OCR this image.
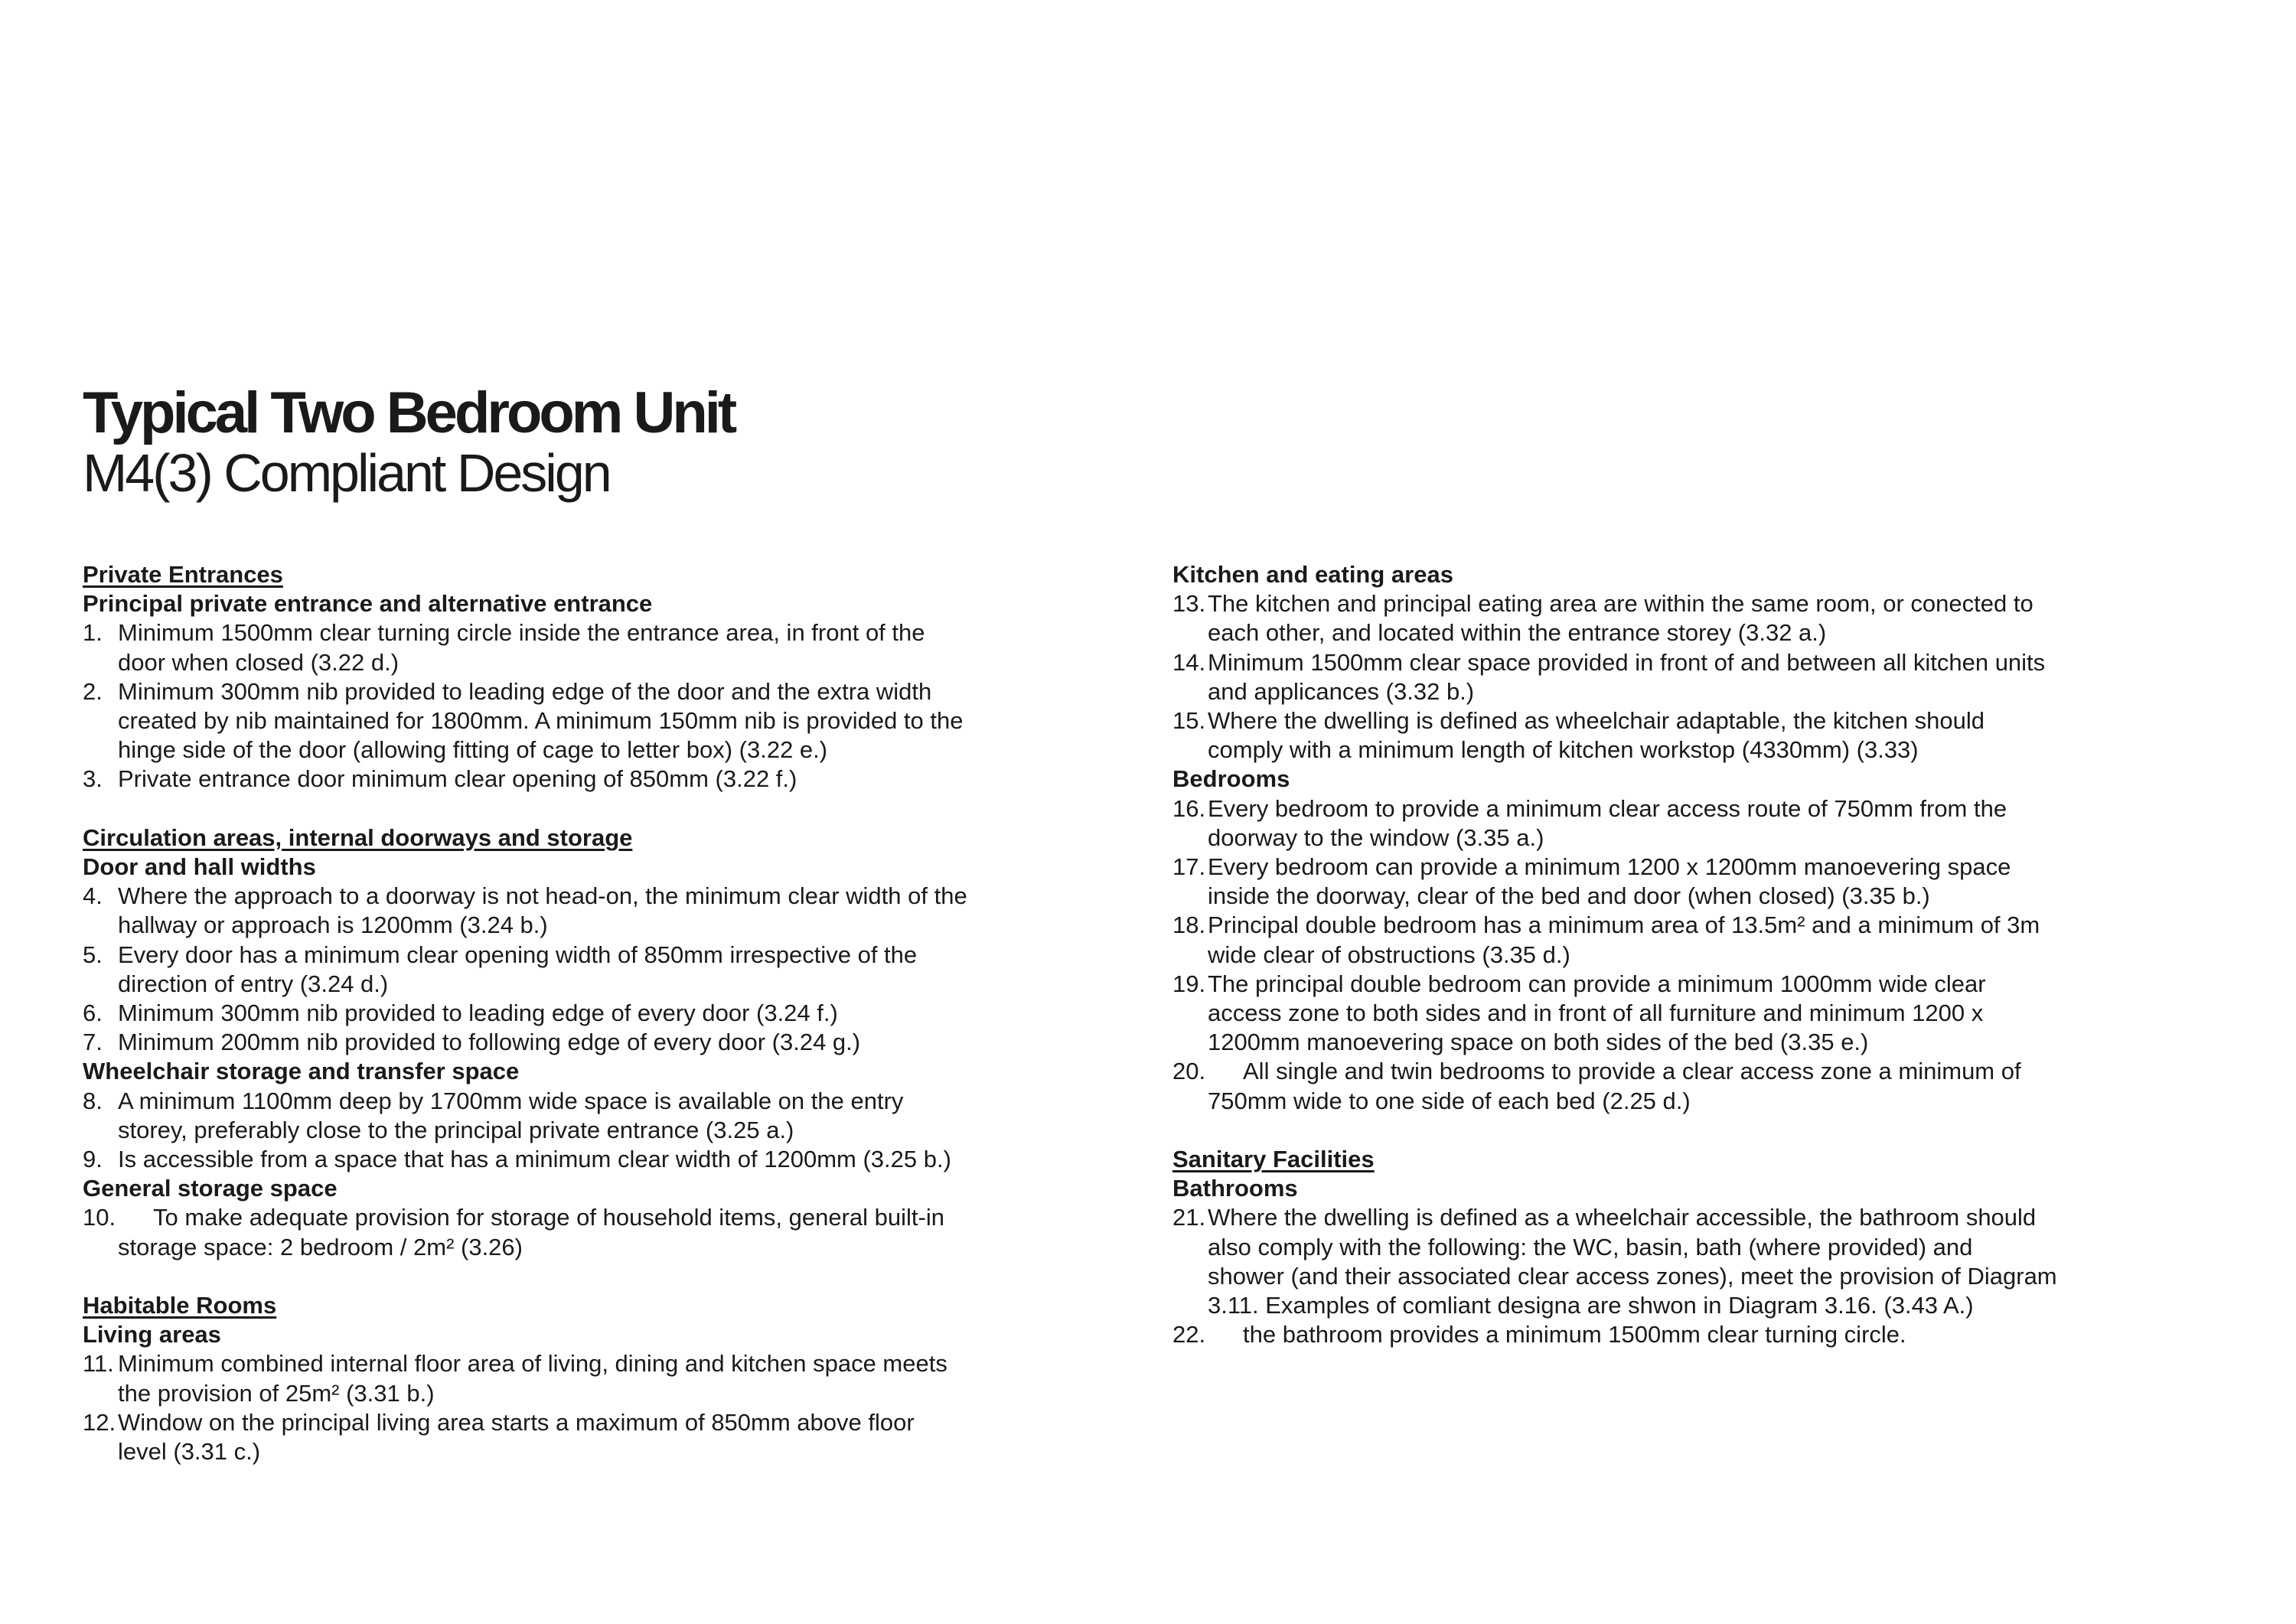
Typical Two Bedroom Unit
M4(3) Compliant Design

Private Entrances

Principal private entrance and alternative entrance

1. Minimum 1500mm clear turning circle inside the entrance area, in front of the
door when closed (3.22 d.)
2. Minimum 300mm nib provided to leading edge of the door and the extra width
created by nib maintained for 1800mm. A minimum 150mm nib is provided to the
hinge side of the door (allowing fitting of cage to letter box) (3.22 e.)
3. Private entrance door minimum clear opening of 850mm (3.22 f.)

Circulation areas, internal doorways and storage

Door and hall widths

4. Where the approach to a doorway is not head-on, the minimum clear width of the
hallway or approach is 1200mm (3.24 b.)
5. Every door has a minimum clear opening width of 850mm irrespective of the
direction of entry (3.24 d.)
6. Minimum 300mm nib provided to leading edge of every door (3.24 f.)
7. Minimum 200mm nib provided to following edge of every door (3.24 g.)

Wheelchair storage and transfer space

8. A minimum 1100mm deep by 1700mm wide space is available on the entry
storey, preferably close to the principal private entrance (3.25 a.)
9. Is accessible from a space that has a minimum clear width of 1200mm (3.25 b.)

General storage space

10.	To make adequate provision for storage of household items, general built-in
storage space: 2 bedroom / 2m² (3.26)

Habitable Rooms

Living areas

11. Minimum combined internal floor area of living, dining and kitchen space meets
the provision of 25m² (3.31 b.)
12. Window on the principal living area starts a maximum of 850mm above floor
level (3.31 c.)

Kitchen and eating areas

13. The kitchen and principal eating area are within the same room, or conected to
each other, and located within the entrance storey (3.32 a.)
14. Minimum 1500mm clear space provided in front of and between all kitchen units
and applicances (3.32 b.)
15. Where the dwelling is defined as wheelchair adaptable, the kitchen should
comply with a minimum length of kitchen workstop (4330mm) (3.33)

Bedrooms

16. Every bedroom to provide a minimum clear access route of 750mm from the
doorway to the window (3.35 a.)
17. Every bedroom can provide a minimum 1200 x 1200mm manoevering space
inside the doorway, clear of the bed and door (when closed) (3.35 b.)
18. Principal double bedroom has a minimum area of 13.5m² and a minimum of 3m
wide clear of obstructions (3.35 d.)
19. The principal double bedroom can provide a minimum 1000mm wide clear
access zone to both sides and in front of all furniture and minimum 1200 x
1200mm manoevering space on both sides of the bed (3.35 e.)
20.	All single and twin bedrooms to provide a clear access zone a minimum of
750mm wide to one side of each bed (2.25 d.)

Sanitary Facilities

Bathrooms

21. Where the dwelling is defined as a wheelchair accessible, the bathroom should
also comply with the following: the WC, basin, bath (where provided) and
shower (and their associated clear access zones), meet the provision of Diagram
3.11. Examples of comliant designa are shwon in Diagram 3.16. (3.43 A.)
22.	the bathroom provides a minimum 1500mm clear turning circle.
